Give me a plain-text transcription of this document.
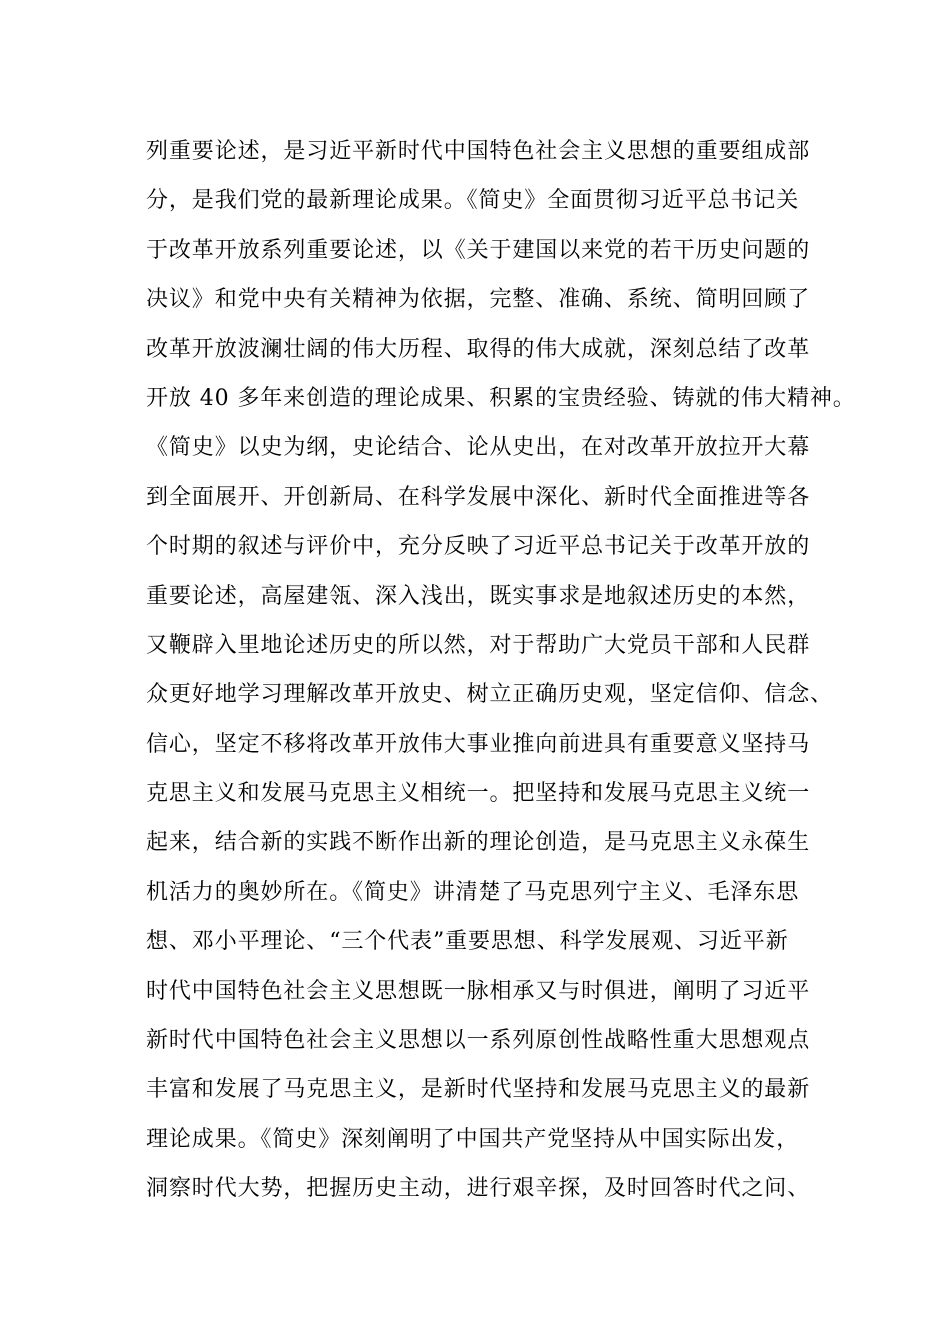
列重要论述，是习近平新时代中国特色社会主义思想的重要组成部
分，是我们党的最新理论成果。《简史》全面贯彻习近平总书记关
于改革开放系列重要论述，以《关于建国以来党的若干历史问题的
决议》和党中央有关精神为依据，完整、准确、系统、简明回顾了
改革开放波澜壮阔的伟大历程、取得的伟大成就，深刻总结了改革
开放 40 多年来创造的理论成果、积累的宝贵经验、铸就的伟大精神。
《简史》以史为纲，史论结合、论从史出，在对改革开放拉开大幕
到全面展开、开创新局、在科学发展中深化、新时代全面推进等各
个时期的叙述与评价中，充分反映了习近平总书记关于改革开放的
重要论述，高屋建瓴、深入浅出，既实事求是地叙述历史的本然，
又鞭辟入里地论述历史的所以然，对于帮助广大党员干部和人民群
众更好地学习理解改革开放史、树立正确历史观，坚定信仰、信念、
信心，坚定不移将改革开放伟大事业推向前进具有重要意义坚持马
克思主义和发展马克思主义相统一。把坚持和发展马克思主义统一
起来，结合新的实践不断作出新的理论创造，是马克思主义永葆生
机活力的奥妙所在。《简史》讲清楚了马克思列宁主义、毛泽东思
想、邓小平理论、“三个代表”重要思想、科学发展观、习近平新
时代中国特色社会主义思想既一脉相承又与时俱进，阐明了习近平
新时代中国特色社会主义思想以一系列原创性战略性重大思想观点
丰富和发展了马克思主义，是新时代坚持和发展马克思主义的最新
理论成果。《简史》深刻阐明了中国共产党坚持从中国实际出发，
洞察时代大势，把握历史主动，进行艰辛探，及时回答时代之问、
